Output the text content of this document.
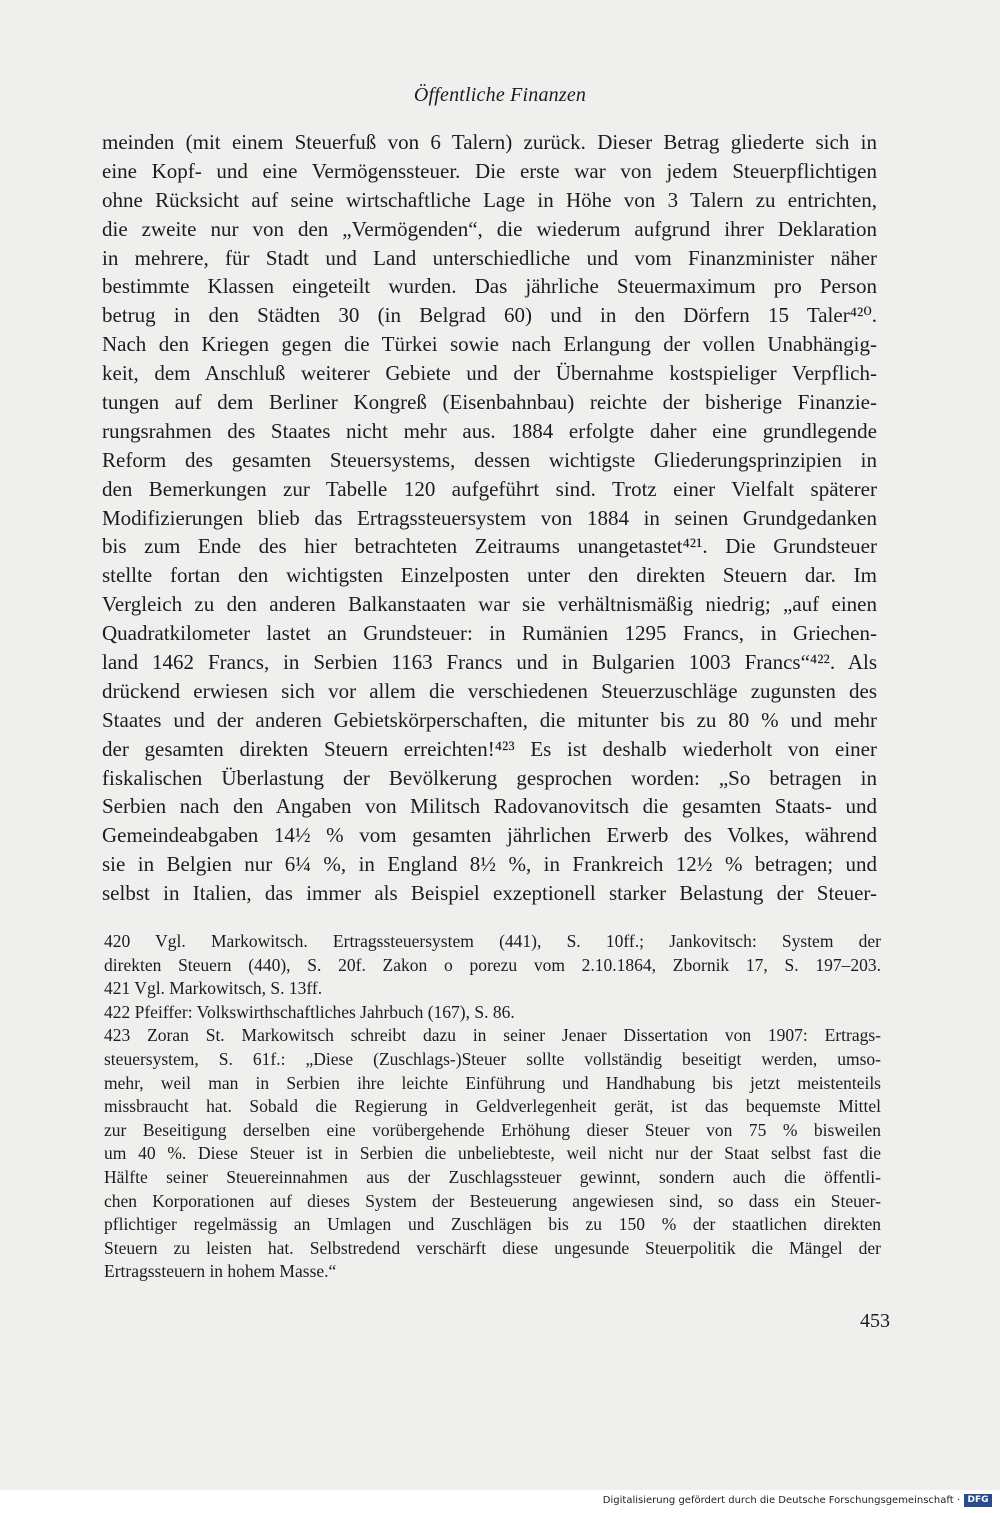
Öffentliche Finanzen
meinden (mit einem Steuerfuß von 6 Talern) zurück. Dieser Betrag gliederte sich in
eine Kopf- und eine Vermögenssteuer. Die erste war von jedem Steuerpflichtigen
ohne Rücksicht auf seine wirtschaftliche Lage in Höhe von 3 Talern zu entrichten,
die zweite nur von den „Vermögenden“, die wiederum aufgrund ihrer Deklaration
in mehrere, für Stadt und Land unterschiedliche und vom Finanzminister näher
bestimmte Klassen eingeteilt wurden. Das jährliche Steuermaximum pro Person
betrug in den Städten 30 (in Belgrad 60) und in den Dörfern 15 Taler⁴²⁰.
Nach den Kriegen gegen die Türkei sowie nach Erlangung der vollen Unabhängig-
keit, dem Anschluß weiterer Gebiete und der Übernahme kostspieliger Verpflich-
tungen auf dem Berliner Kongreß (Eisenbahnbau) reichte der bisherige Finanzie-
rungsrahmen des Staates nicht mehr aus. 1884 erfolgte daher eine grundlegende
Reform des gesamten Steuersystems, dessen wichtigste Gliederungsprinzipien in
den Bemerkungen zur Tabelle 120 aufgeführt sind. Trotz einer Vielfalt späterer
Modifizierungen blieb das Ertragssteuersystem von 1884 in seinen Grundgedanken
bis zum Ende des hier betrachteten Zeitraums unangetastet⁴²¹. Die Grundsteuer
stellte fortan den wichtigsten Einzelposten unter den direkten Steuern dar. Im
Vergleich zu den anderen Balkanstaaten war sie verhältnismäßig niedrig; „auf einen
Quadratkilometer lastet an Grundsteuer: in Rumänien 1295 Francs, in Griechen-
land 1462 Francs, in Serbien 1163 Francs und in Bulgarien 1003 Francs“⁴²². Als
drückend erwiesen sich vor allem die verschiedenen Steuerzuschläge zugunsten des
Staates und der anderen Gebietskörperschaften, die mitunter bis zu 80 % und mehr
der gesamten direkten Steuern erreichten!⁴²³ Es ist deshalb wiederholt von einer
fiskalischen Überlastung der Bevölkerung gesprochen worden: „So betragen in
Serbien nach den Angaben von Militsch Radovanovitsch die gesamten Staats- und
Gemeindeabgaben 14½ % vom gesamten jährlichen Erwerb des Volkes, während
sie in Belgien nur 6¼ %, in England 8½ %, in Frankreich 12½ % betragen; und
selbst in Italien, das immer als Beispiel exzeptionell starker Belastung der Steuer-
420 Vgl. Markowitsch. Ertragssteuersystem (441), S. 10ff.; Jankovitsch: System der
direkten Steuern (440), S. 20f. Zakon o porezu vom 2.10.1864, Zbornik 17, S. 197–203.
421 Vgl. Markowitsch, S. 13ff.
422 Pfeiffer: Volkswirthschaftliches Jahrbuch (167), S. 86.
423 Zoran St. Markowitsch schreibt dazu in seiner Jenaer Dissertation von 1907: Ertrags-
steuersystem, S. 61f.: „Diese (Zuschlags-)Steuer sollte vollständig beseitigt werden, umso-
mehr, weil man in Serbien ihre leichte Einführung und Handhabung bis jetzt meistenteils
missbraucht hat. Sobald die Regierung in Geldverlegenheit gerät, ist das bequemste Mittel
zur Beseitigung derselben eine vorübergehende Erhöhung dieser Steuer von 75 % bisweilen
um 40 %. Diese Steuer ist in Serbien die unbeliebteste, weil nicht nur der Staat selbst fast die
Hälfte seiner Steuereinnahmen aus der Zuschlagssteuer gewinnt, sondern auch die öffentli-
chen Korporationen auf dieses System der Besteuerung angewiesen sind, so dass ein Steuer-
pflichtiger regelmässig an Umlagen und Zuschlägen bis zu 150 % der staatlichen direkten
Steuern zu leisten hat. Selbstredend verschärft diese ungesunde Steuerpolitik die Mängel der
Ertragssteuern in hohem Masse.“
453
Digitalisierung gefördert durch die Deutsche Forschungsgemeinschaft · DFG
